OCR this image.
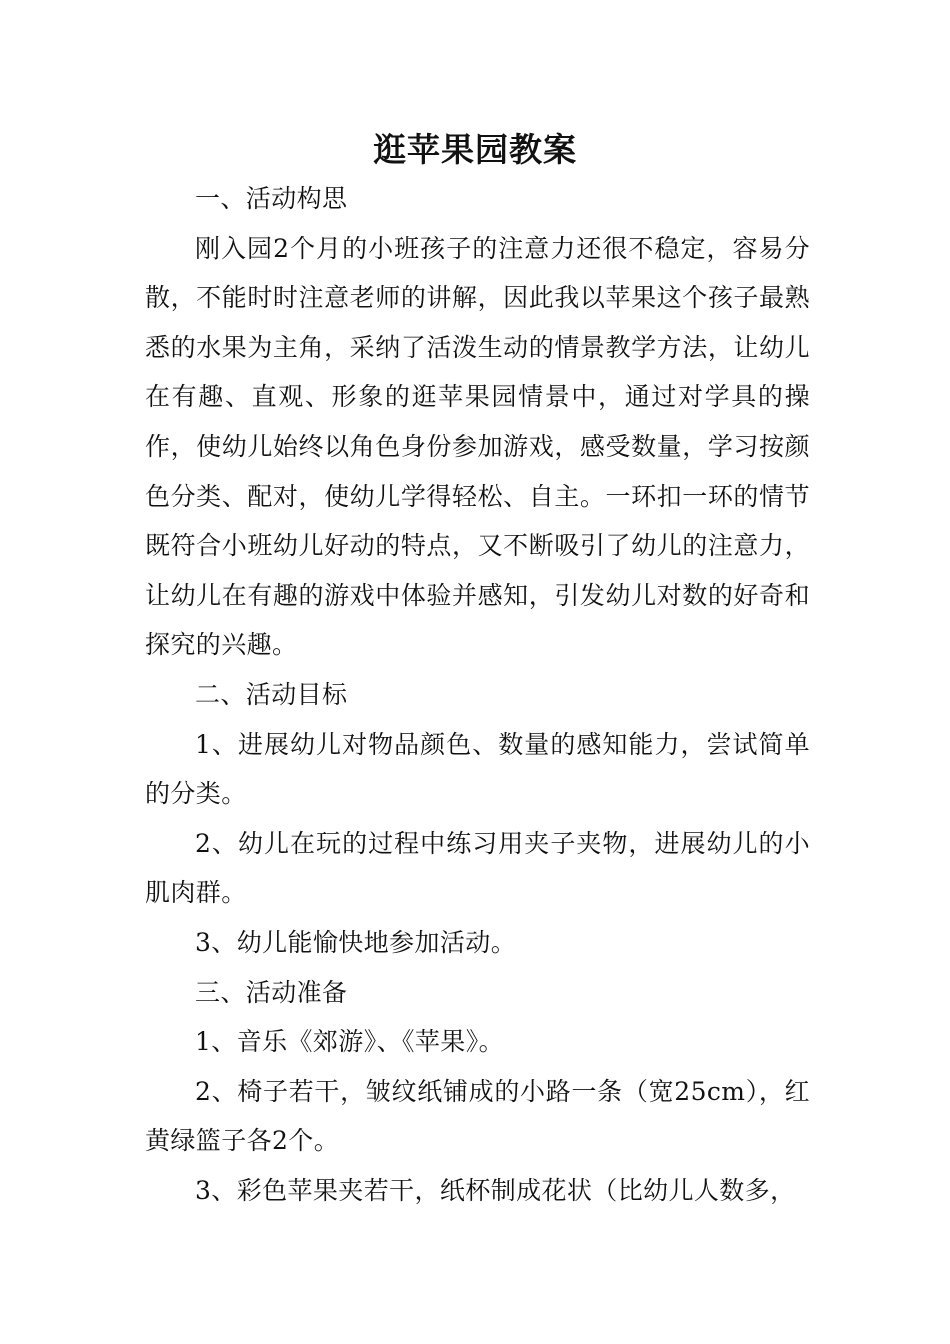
逛苹果园教案

一、活动构思

刚入园2个月的小班孩子的注意力还很不稳定，容易分散，不能时时注意老师的讲解，因此我以苹果这个孩子最熟悉的水果为主角，采纳了活泼生动的情景教学方法，让幼儿在有趣、直观、形象的逛苹果园情景中，通过对学具的操作，使幼儿始终以角色身份参加游戏，感受数量，学习按颜色分类、配对，使幼儿学得轻松、自主。一环扣一环的情节既符合小班幼儿好动的特点，又不断吸引了幼儿的注意力，让幼儿在有趣的游戏中体验并感知，引发幼儿对数的好奇和探究的兴趣。

二、活动目标

1、进展幼儿对物品颜色、数量的感知能力，尝试简单的分类。

2、幼儿在玩的过程中练习用夹子夹物，进展幼儿的小肌肉群。

3、幼儿能愉快地参加活动。

三、活动准备

1、音乐《郊游》、《苹果》。

2、椅子若干，皱纹纸铺成的小路一条（宽25cm），红黄绿篮子各2个。

3、彩色苹果夹若干，纸杯制成花状（比幼儿人数多，
